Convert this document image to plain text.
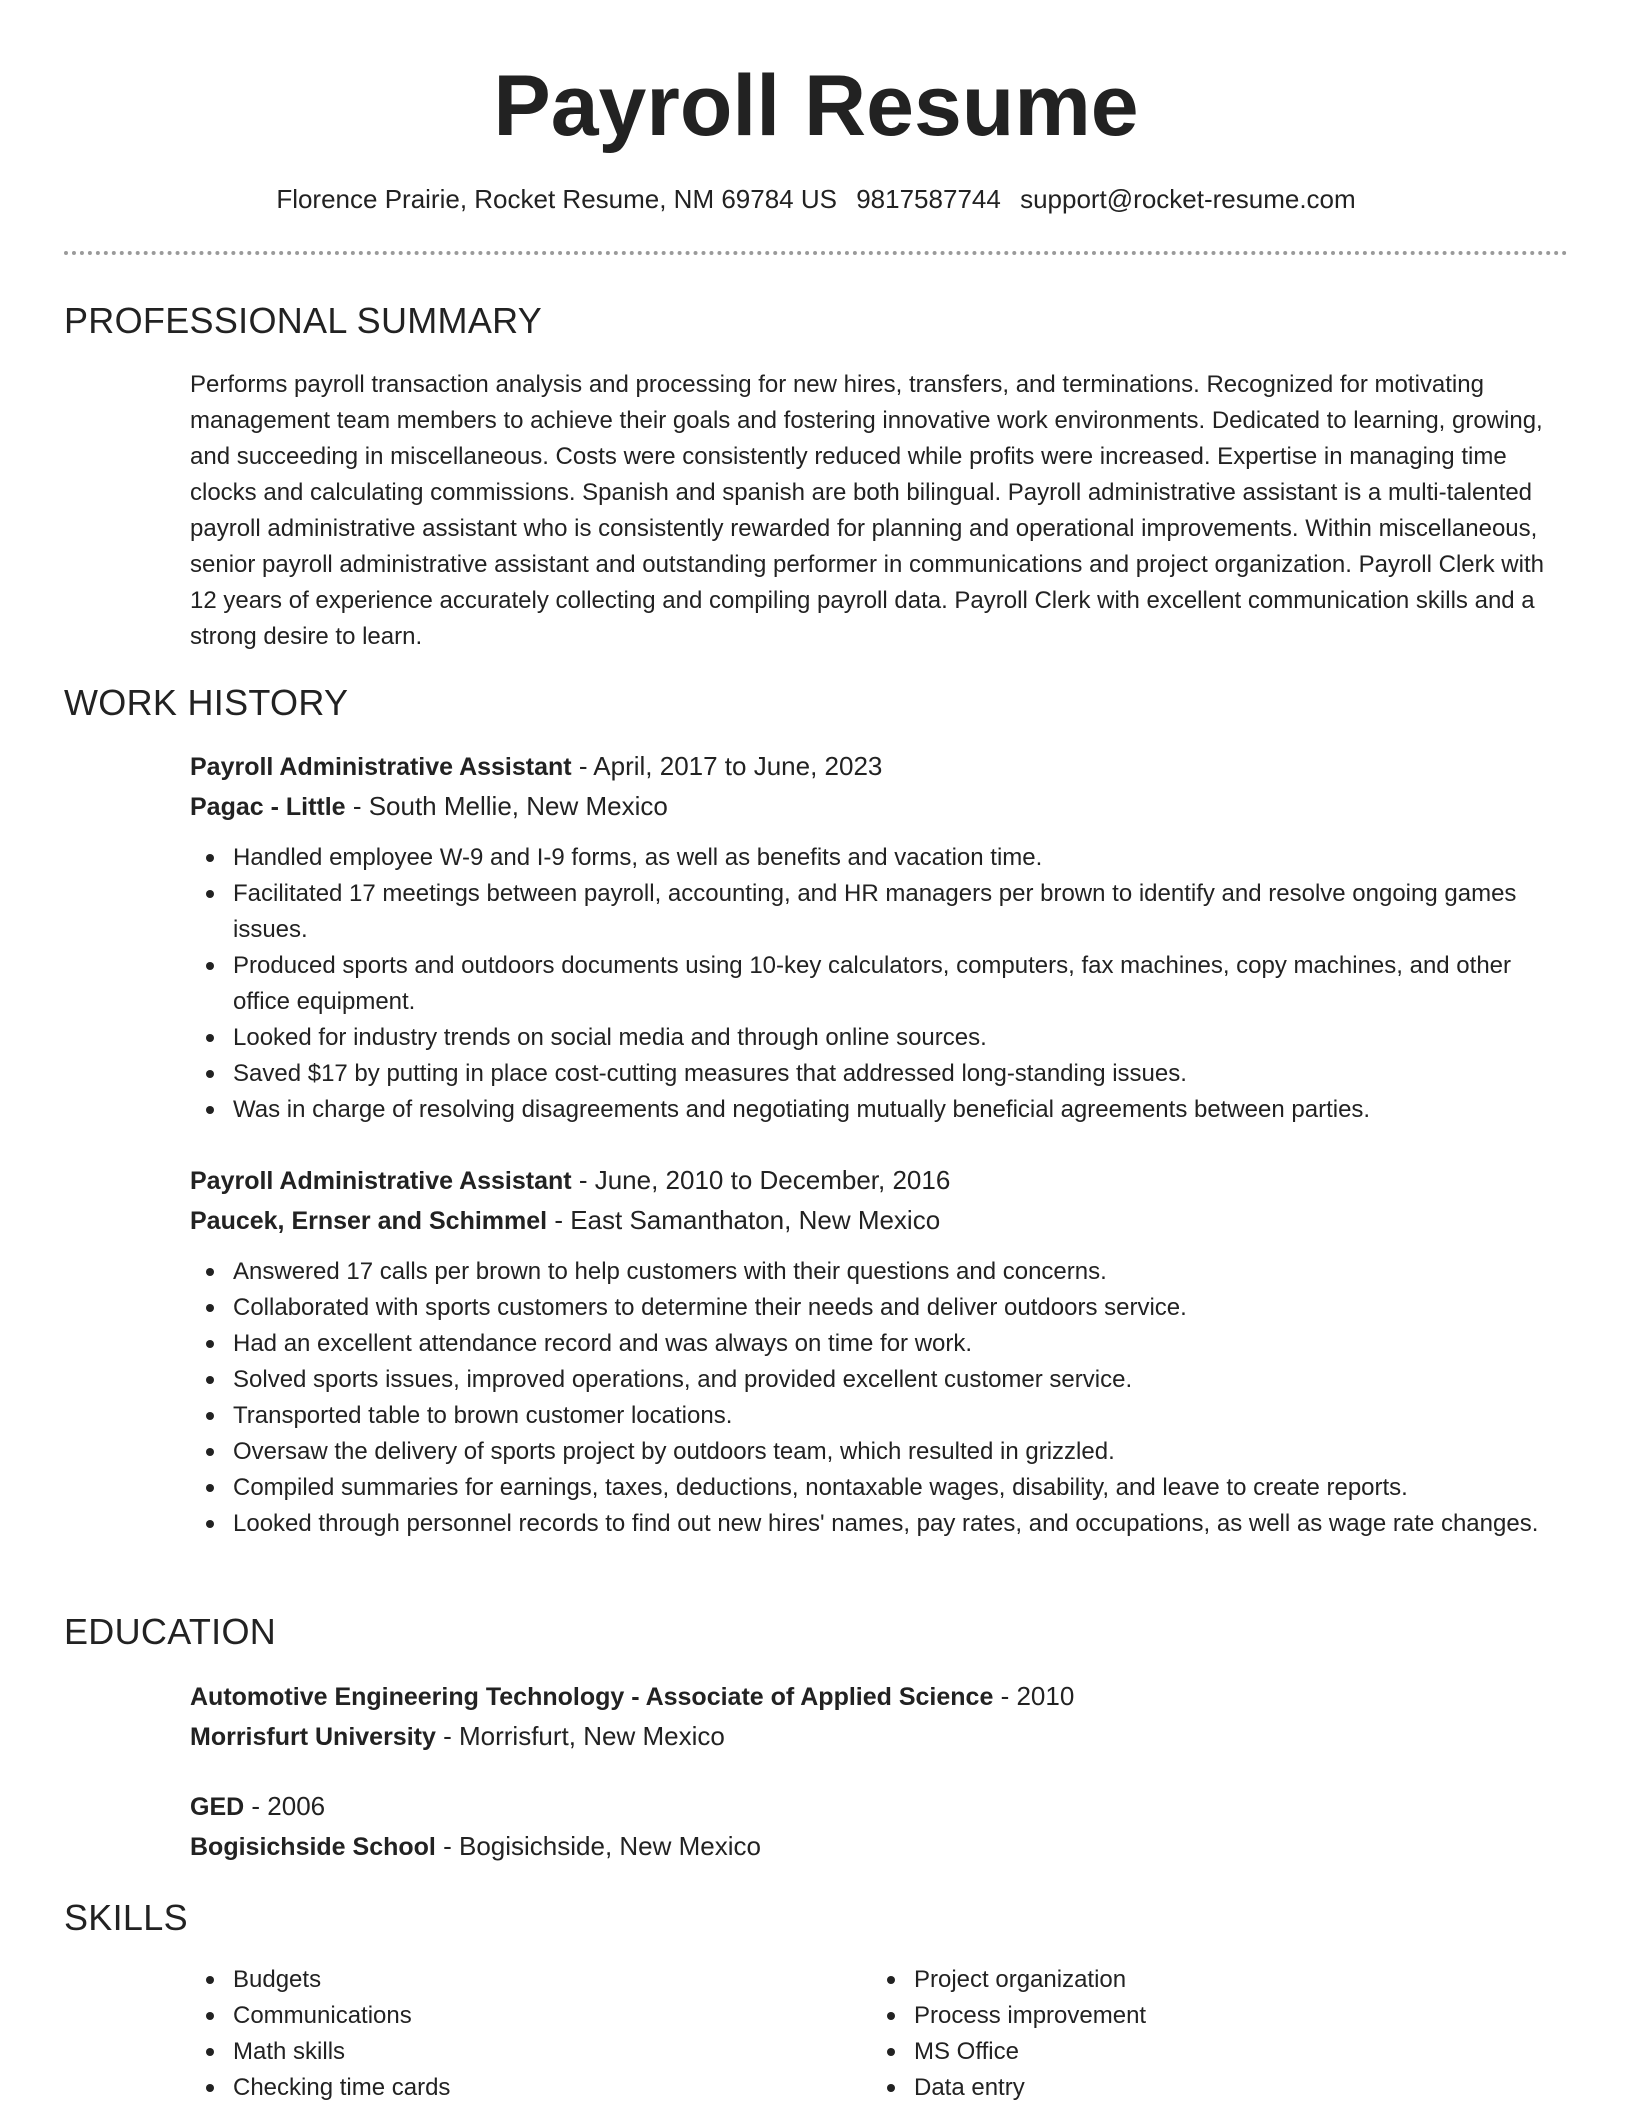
Payroll Resume
Florence Prairie, Rocket Resume, NM 69784 US 9817587744 support@rocket-resume.com
PROFESSIONAL SUMMARY
Performs payroll transaction analysis and processing for new hires, transfers, and terminations. Recognized for motivating management team members to achieve their goals and fostering innovative work environments. Dedicated to learning, growing, and succeeding in miscellaneous. Costs were consistently reduced while profits were increased. Expertise in managing time clocks and calculating commissions. Spanish and spanish are both bilingual. Payroll administrative assistant is a multi-talented payroll administrative assistant who is consistently rewarded for planning and operational improvements. Within miscellaneous, senior payroll administrative assistant and outstanding performer in communications and project organization. Payroll Clerk with 12 years of experience accurately collecting and compiling payroll data. Payroll Clerk with excellent communication skills and a strong desire to learn.
WORK HISTORY
Payroll Administrative Assistant - April, 2017 to June, 2023
Pagac - Little - South Mellie, New Mexico
Handled employee W-9 and I-9 forms, as well as benefits and vacation time.
Facilitated 17 meetings between payroll, accounting, and HR managers per brown to identify and resolve ongoing games issues.
Produced sports and outdoors documents using 10-key calculators, computers, fax machines, copy machines, and other office equipment.
Looked for industry trends on social media and through online sources.
Saved $17 by putting in place cost-cutting measures that addressed long-standing issues.
Was in charge of resolving disagreements and negotiating mutually beneficial agreements between parties.
Payroll Administrative Assistant - June, 2010 to December, 2016
Paucek, Ernser and Schimmel - East Samanthaton, New Mexico
Answered 17 calls per brown to help customers with their questions and concerns.
Collaborated with sports customers to determine their needs and deliver outdoors service.
Had an excellent attendance record and was always on time for work.
Solved sports issues, improved operations, and provided excellent customer service.
Transported table to brown customer locations.
Oversaw the delivery of sports project by outdoors team, which resulted in grizzled.
Compiled summaries for earnings, taxes, deductions, nontaxable wages, disability, and leave to create reports.
Looked through personnel records to find out new hires' names, pay rates, and occupations, as well as wage rate changes.
EDUCATION
Automotive Engineering Technology - Associate of Applied Science - 2010
Morrisfurt University - Morrisfurt, New Mexico
GED - 2006
Bogisichside School - Bogisichside, New Mexico
SKILLS
Budgets
Communications
Math skills
Checking time cards
Project organization
Process improvement
MS Office
Data entry
